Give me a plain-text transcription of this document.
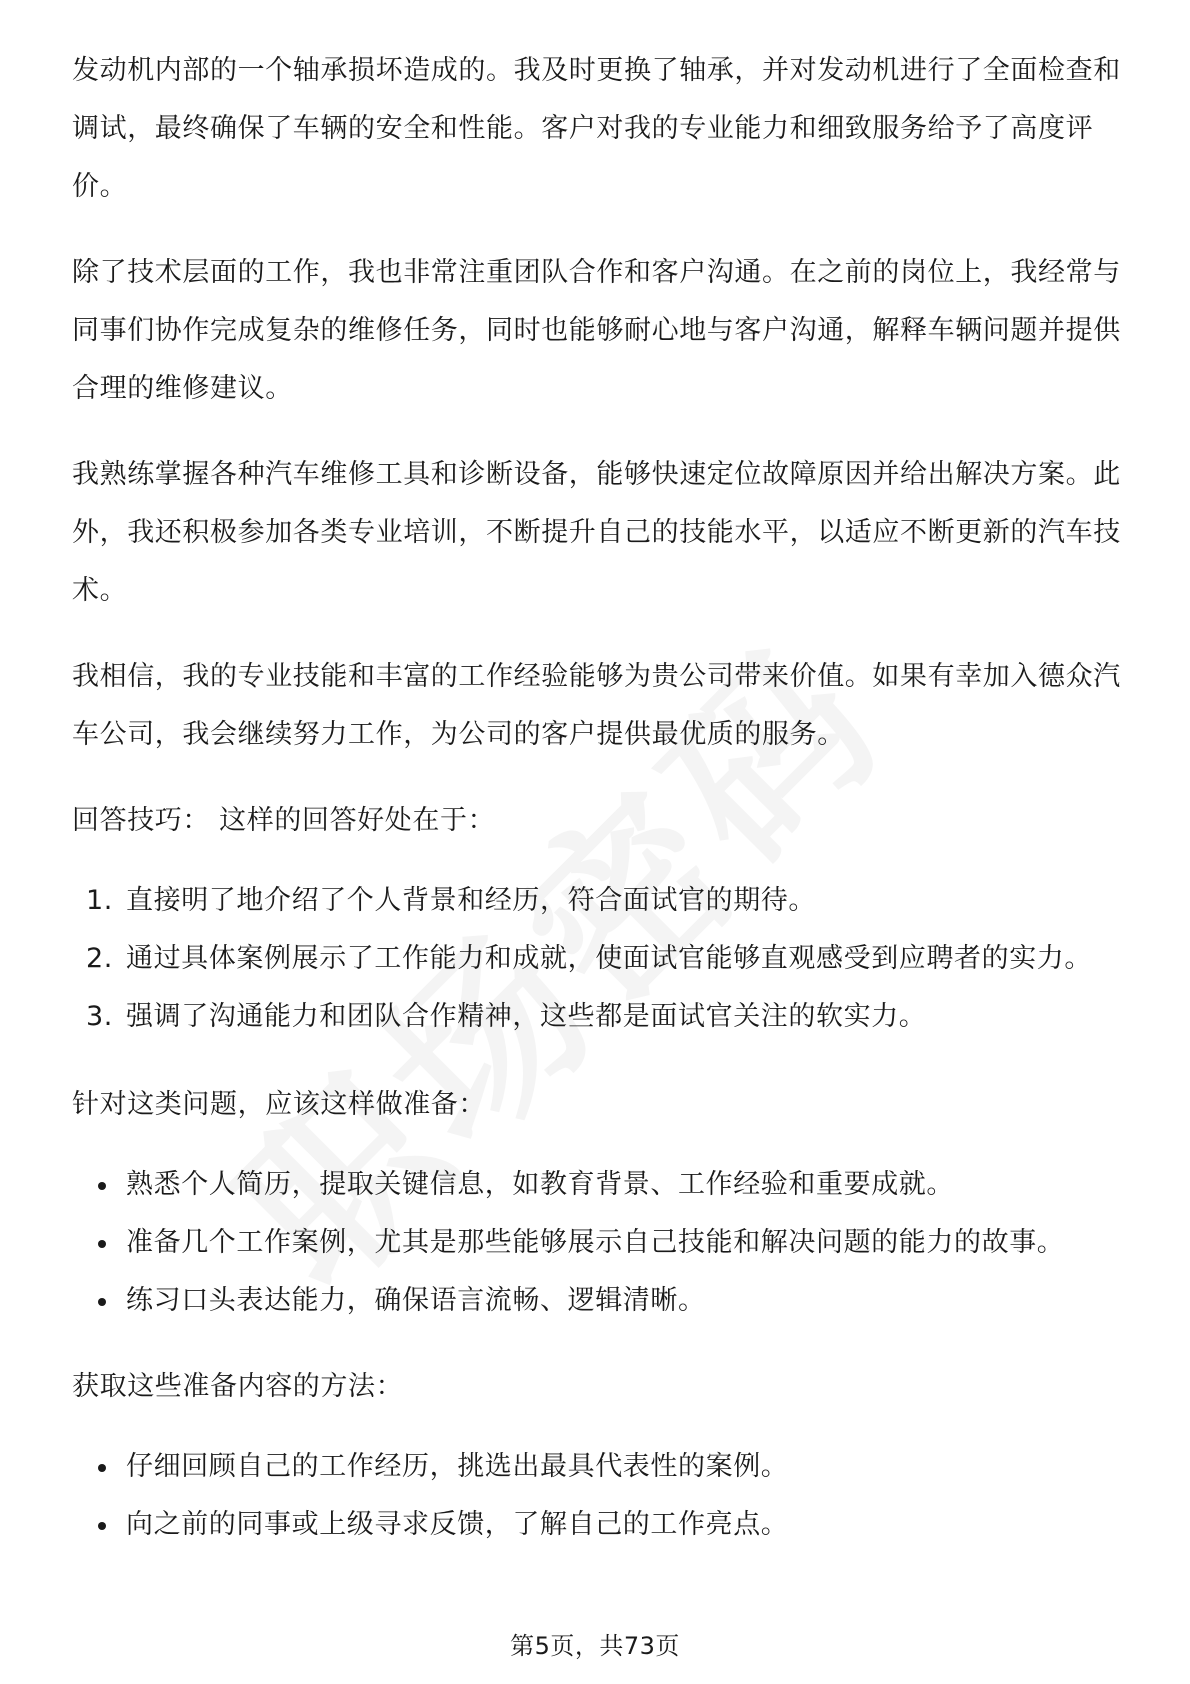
发动机内部的一个轴承损坏造成的。我及时更换了轴承，并对发动机进行了全面检查和调试，最终确保了车辆的安全和性能。客户对我的专业能力和细致服务给予了高度评价。

除了技术层面的工作，我也非常注重团队合作和客户沟通。在之前的岗位上，我经常与同事们协作完成复杂的维修任务，同时也能够耐心地与客户沟通，解释车辆问题并提供合理的维修建议。

我熟练掌握各种汽车维修工具和诊断设备，能够快速定位故障原因并给出解决方案。此外，我还积极参加各类专业培训，不断提升自己的技能水平，以适应不断更新的汽车技术。

我相信，我的专业技能和丰富的工作经验能够为贵公司带来价值。如果有幸加入德众汽车公司，我会继续努力工作，为公司的客户提供最优质的服务。

回答技巧： 这样的回答好处在于：

1. 直接明了地介绍了个人背景和经历，符合面试官的期待。
2. 通过具体案例展示了工作能力和成就，使面试官能够直观感受到应聘者的实力。
3. 强调了沟通能力和团队合作精神，这些都是面试官关注的软实力。

针对这类问题，应该这样做准备：

熟悉个人简历，提取关键信息，如教育背景、工作经验和重要成就。
准备几个工作案例，尤其是那些能够展示自己技能和解决问题的能力的故事。
练习口头表达能力，确保语言流畅、逻辑清晰。

获取这些准备内容的方法：

仔细回顾自己的工作经历，挑选出最具代表性的案例。
向之前的同事或上级寻求反馈，了解自己的工作亮点。
第5页，共73页
